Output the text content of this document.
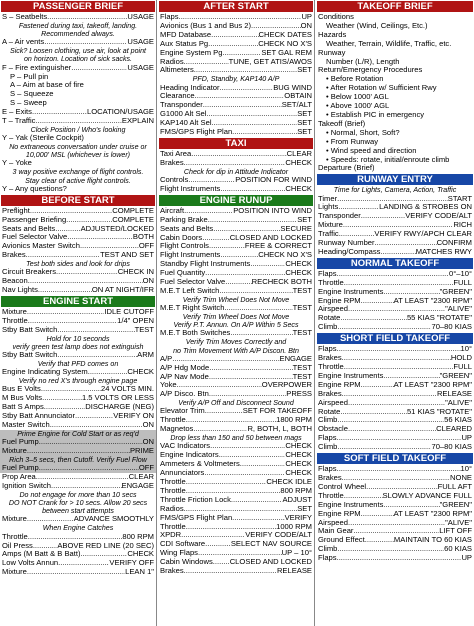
PASSENGER BRIEF
S – Seatbelts .....	USAGE
Fastened during taxi, takeoff, landing.
Recommended always.
A – Air vents .....	USAGE
Sick? Loosen clothing, use air, look at point
on horizon. Location of sick sacks.
F – Fire extinguisher .....	USAGE
P – Pull pin
A – Aim at base of fire
S – Squeeze
S – Sweep
E – Exits .....	LOCATION/USAGE
T – Traffic .....	EXPLAIN
Clock Position / Who's looking
Y – Yak (Sterile Cockpit)
No extraneous conversation under cruise or
10,000' MSL (whichever is lower)
Y – Yoke
3 way positive exchange of flight controls.
Stay clear of active flight controls.
Y – Any questions?
BEFORE START
Preflight .....	COMPLETE
Passenger Briefing .....	COMPLETE
Seats and Belts .....	ADJUSTED/LOCKED
Fuel Selector Valve .....	BOTH
Avionics Master Switch .....	OFF
Brakes .....	TEST AND SET
Test both sides and look for drips
Circuit Breakers .....	CHECK IN
Beacon .....	ON
Nav Lights .....	ON AT NIGHT/IFR
ENGINE START
Mixture .....	IDLE CUTOFF
Throttle .....	1/4" OPEN
Stby Batt Switch .....	TEST
Hold for 10 seconds
verify green test lamp does not extinguish
Stby Batt Switch .....	ARM
Verify that PFD comes on
Engine Indicating System .....	CHECK
Verify no red X's through engine page
Bus E Volts .....	24 VOLTS MIN.
M Bus Volts .....	1.5 VOLTS OR LESS
Batt S Amps .....	DISCHARGE (NEG)
Stby Batt Annunciator .....	VERIFY ON
Master Switch .....	ON
Prime Engine for Cold Start or as req'd
Fuel Pump .....	ON
Mixture .....	PRIME
Rich 3–5 secs, then Cutoff. Verify Fuel Flow
Fuel Pump .....	OFF
Prop Area .....	CLEAR
Ignition Switch .....	ENGAGE
Do not engage for more than 10 secs
DO NOT Crank for > 10 secs. Allow 20 secs
between start attempts
Mixture .....	ADVANCE SMOOTHLY
When Engine Catches
Throttle .....	800 RPM
Oil Press .....	ABOVE RED LINE (20 SEC)
Amps (M Batt & B Batt) .....	CHECK
Low Volts Annun .....	VERIFY OFF
Mixture .....	LEAN 1"
AFTER START
Flaps .....	UP
Avionics (Bus 1 and Bus 2) .....	ON
MFD Database .....	CHECK DATES
Aux Status Pg. .....	CHECK NO X'S
Engine System Pg. .....	SET GAL REM
Radios .....	TUNE, GET ATIS/AWOS
Altimeters .....	SET
PFD, Standby, KAP140 A/P
Heading Indicator .....	BUG WIND
Clearance .....	OBTAIN
Transponder .....	SET/ALT
G1000 Alt Sel .....	SET
KAP140 Alt Sel .....	SET
FMS/GPS Flight Plan .....	SET
TAXI
Taxi Area .....	CLEAR
Brakes .....	CHECK
Check for dip in Attitude Indicator
Controls .....	POSITION FOR WIND
Flight Instruments .....	CHECK
ENGINE RUNUP
Aircraft .....	POSITION INTO WIND
Parking Brake .....	SET
Seats and Belts .....	SECURE
Cabin Doors .....	CLOSED AND LOCKED
Flight Controls .....	FREE & CORRECT
Flight Instruments .....	CHECK NO X'S
Standby Flight Instruments .....	CHECK
Fuel Quantity .....	CHECK
Fuel Selector Valve .....	RECHECK BOTH
M.E.T Left Switch .....	TEST
Verify Trim Wheel Does Not Move
M.E.T Right Switch .....	TEST
Verify Trim Wheel Does Not Move
Verify P.T. Annun. On A/P Within 5 Secs
M.E.T Both Switches .....	TEST
Verify Trim Moves Correctly and
no Trim Movement With A/P Discon. Btn
A/P .....	ENGAGE
A/P Hdg Mode .....	TEST
A/P Nav Mode .....	TEST
Yoke .....	OVERPOWER
A/P Disco. Btn .....	PRESS
Verify A/P Off and Disconnect Sound
Elevator Trim .....	SET FOR TAKEOFF
Throttle .....	1800 RPM
Magnetos .....	R, BOTH, L, BOTH
Drop less than 150 and 50 between mags
VAC Indicators .....	CHECK
Engine Indicators .....	CHECK
Ammeters & Voltmeters .....	CHECK
Annunciators .....	CHECK
Throttle .....	CHECK IDLE
Throttle .....	800 RPM
Throttle Friction Lock .....	ADJUST
Radios .....	SET
FMS/GPS Flight Plan .....	VERIFY
Throttle .....	1000 RPM
XPDR .....	VERIFY CODE/ALT
CDI Software .....	SELECT NAV SOURCE
Wing Flaps .....	UP – 10°
Cabin Windows ..... CLOSED AND LOCKED
Brakes .....	RELEASE
TAKEOFF BRIEF
Conditions
Weather (Wind, Ceilings, Etc.)
Hazards
Weather, Terrain, Wildlife, Traffic, etc.
Runway
Number (L/R), Length
Return/Emergency Procedures
• Before Rotation
• After Rotation w/ Sufficient Rwy
• Below 1000' AGL
• Above 1000' AGL
• Establish PIC in emergency
Takeoff (Brief)
• Normal, Short, Soft?
• From Runway
• Wind speed and direction
• Speeds: rotate, initial/enroute climb
Departure (Brief)
RUNWAY ENTRY
Time for Lights, Camera, Action, Traffic
Timer .....	START
Lights .....	LANDING & STROBES ON
Transponder .....	VERIFY CODE/ALT
Mixture .....	RICH
Traffic .....	VERIFY RWY/APCH CLEAR
Runway Number .....	CONFIRM
Heading/Compass .....	MATCHES RWY
NORMAL TAKEOFF
Flaps .....	0°–10°
Throttle .....	FULL
Engine Instruments .....	"GREEN"
Engine RPM .....	AT LEAST "2300 RPM"
Airspeed .....	"ALIVE"
Rotate .....	55 KIAS "ROTATE"
Climb .....	70–80 KIAS
SHORT FIELD TAKEOFF
Flaps .....	10°
Brakes .....	HOLD
Throttle .....	FULL
Engine Instruments .....	"GREEN"
Engine RPM .....	AT LEAST "2300 RPM"
Brakes .....	RELEASE
Airspeed .....	"ALIVE"
Rotate .....	51 KIAS "ROTATE"
Climb .....	56 KIAS
Obstacle .....	CLEARED
Flaps .....	UP
Climb .....	70–80 KIAS
SOFT FIELD TAKEOFF
Flaps .....	10°
Brakes .....	NONE
Control Wheel .....	FULL AFT
Throttle .....	SLOWLY ADVANCE FULL
Engine Instruments .....	"GREEN"
Engine RPM .....	AT LEAST "2300 RPM"
Airspeed .....	"ALIVE"
Main Gear .....	LIFT OFF
Ground Effect .....	MAINTAIN TO 60 KIAS
Climb .....	60 KIAS
Flaps .....	UP
